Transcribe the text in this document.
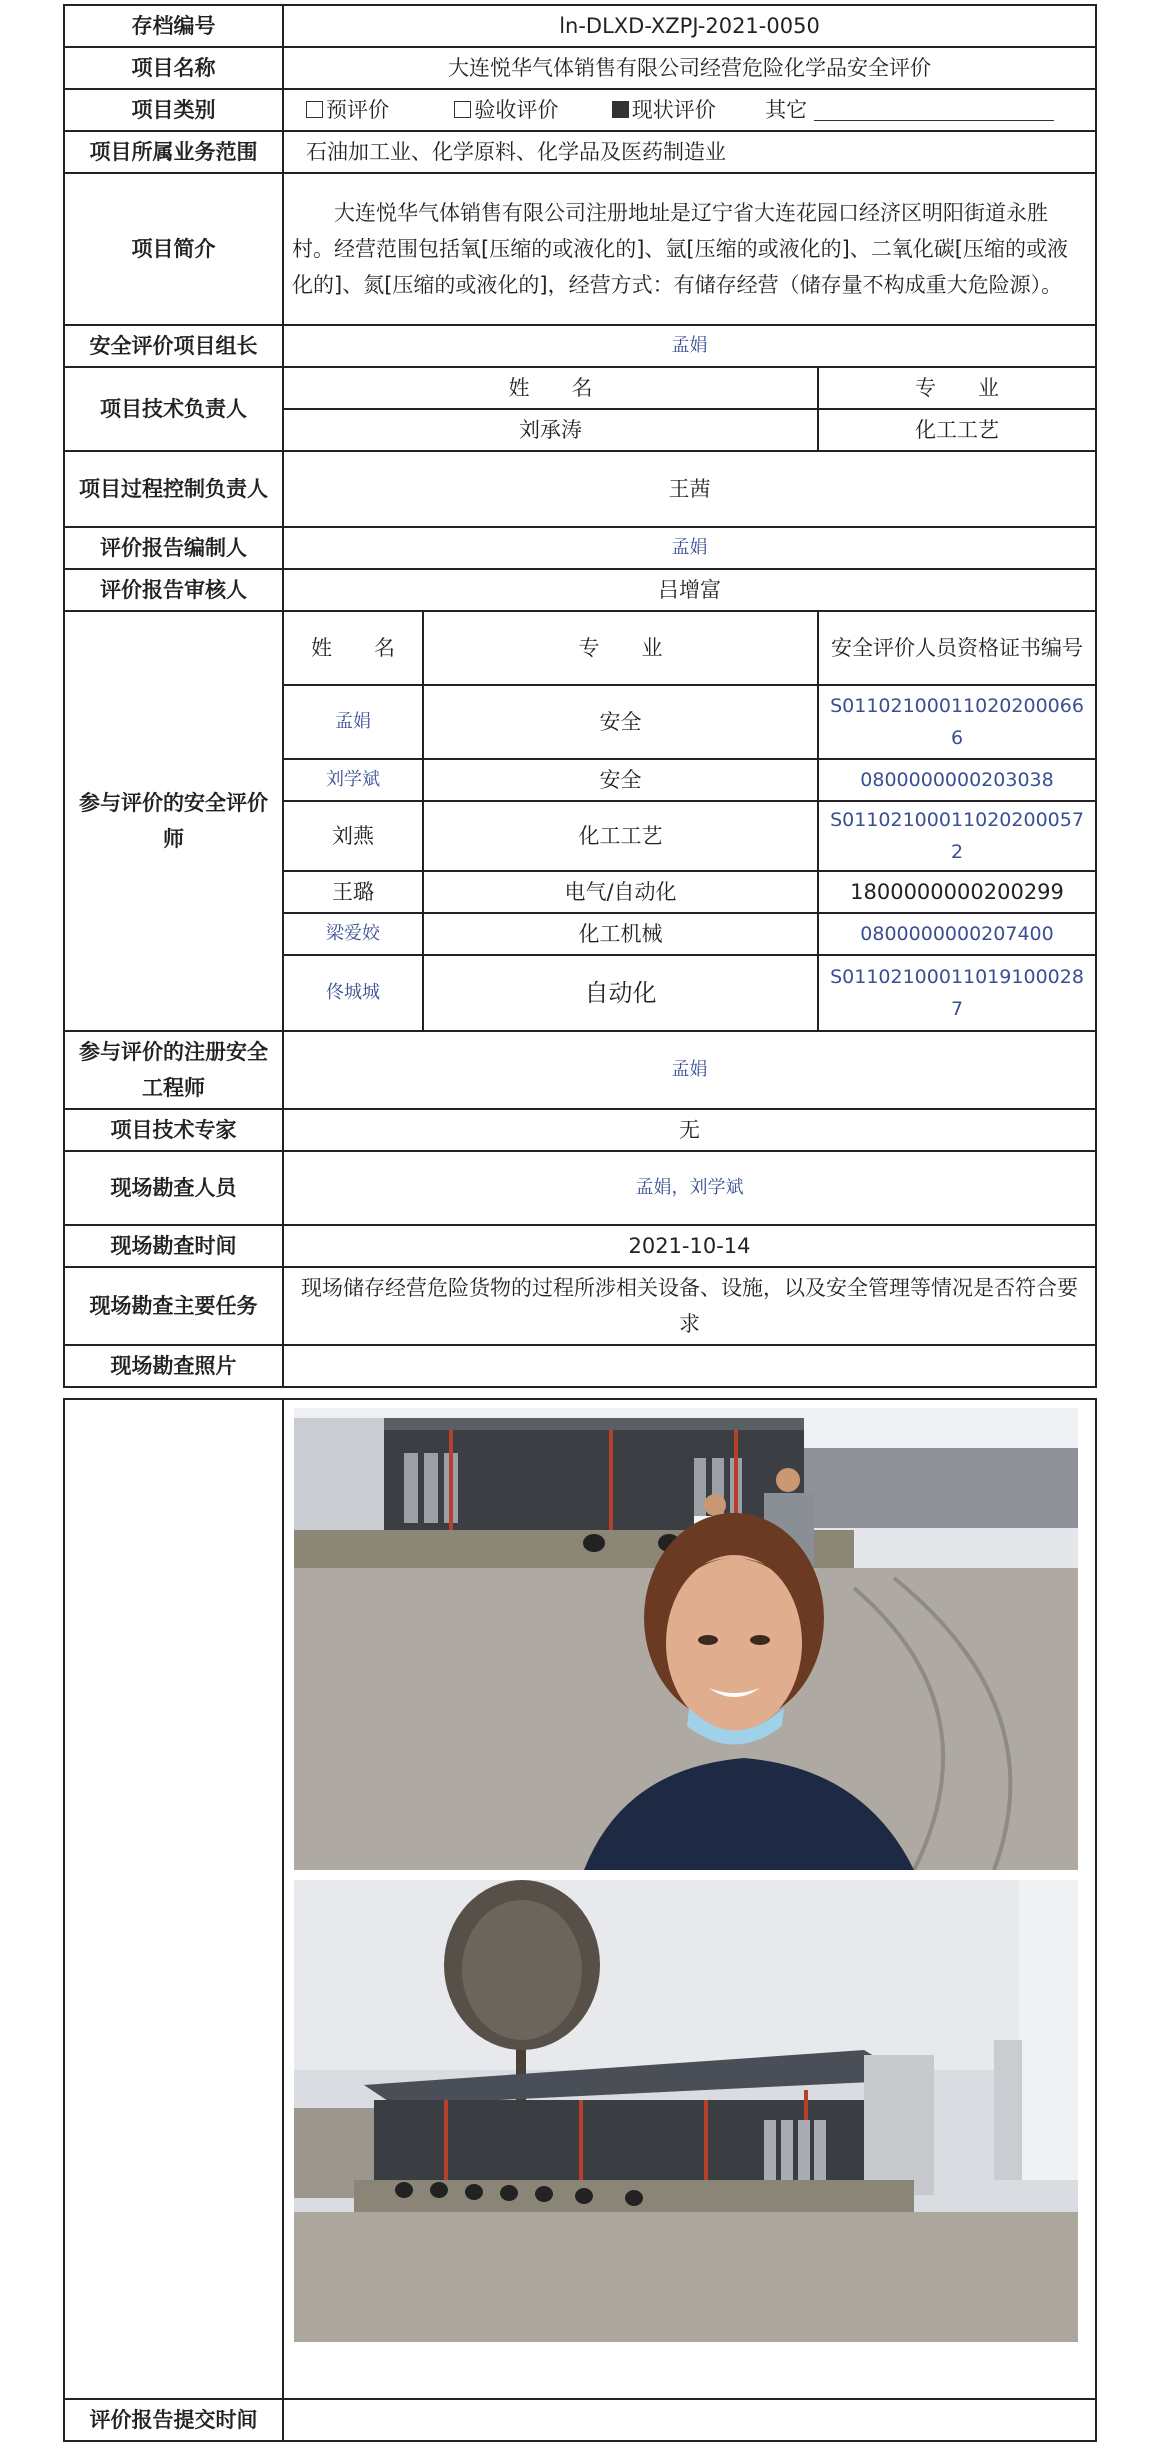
存档编号	ln-DLXD-XZPJ-2021-0050		
项目名称	大连悦华气体销售有限公司经营危险化学品安全评价		
项目类别	预评价 验收评价 现状评价 其它		
项目所属业务范围	石油加工业、化学原料、化学品及医药制造业		
项目简介	大连悦华气体销售有限公司注册地址是辽宁省大连花园口经济区明阳街道永胜村。经营范围包括氧[压缩的或液化的]、氩[压缩的或液化的]、二氧化碳[压缩的或液化的]、氮[压缩的或液化的]，经营方式：有储存经营（储存量不构成重大危险源）。		
安全评价项目组长	孟娟		
项目技术负责人	姓　　名		专　　业
	刘承涛		化工工艺
项目过程控制负责人	王茜		
评价报告编制人	孟娟		
评价报告审核人	吕增富		
参与评价的安全评价师	姓　　名	专　　业	安全评价人员资格证书编号
	孟娟	安全	S011021000110202000666
	刘学斌	安全	0800000000203038
	刘燕	化工工艺	S011021000110202000572
	王璐	电气/自动化	1800000000200299
	梁爱姣	化工机械	0800000000207400
	佟城城	自动化	S011021000110191000287
参与评价的注册安全工程师	孟娟		
项目技术专家	无		
现场勘查人员	孟娟，刘学斌		
现场勘查时间	2021-10-14		
现场勘查主要任务	现场储存经营危险货物的过程所涉相关设备、设施，以及安全管理等情况是否符合要求		
现场勘查照片			

评价报告提交时间	
